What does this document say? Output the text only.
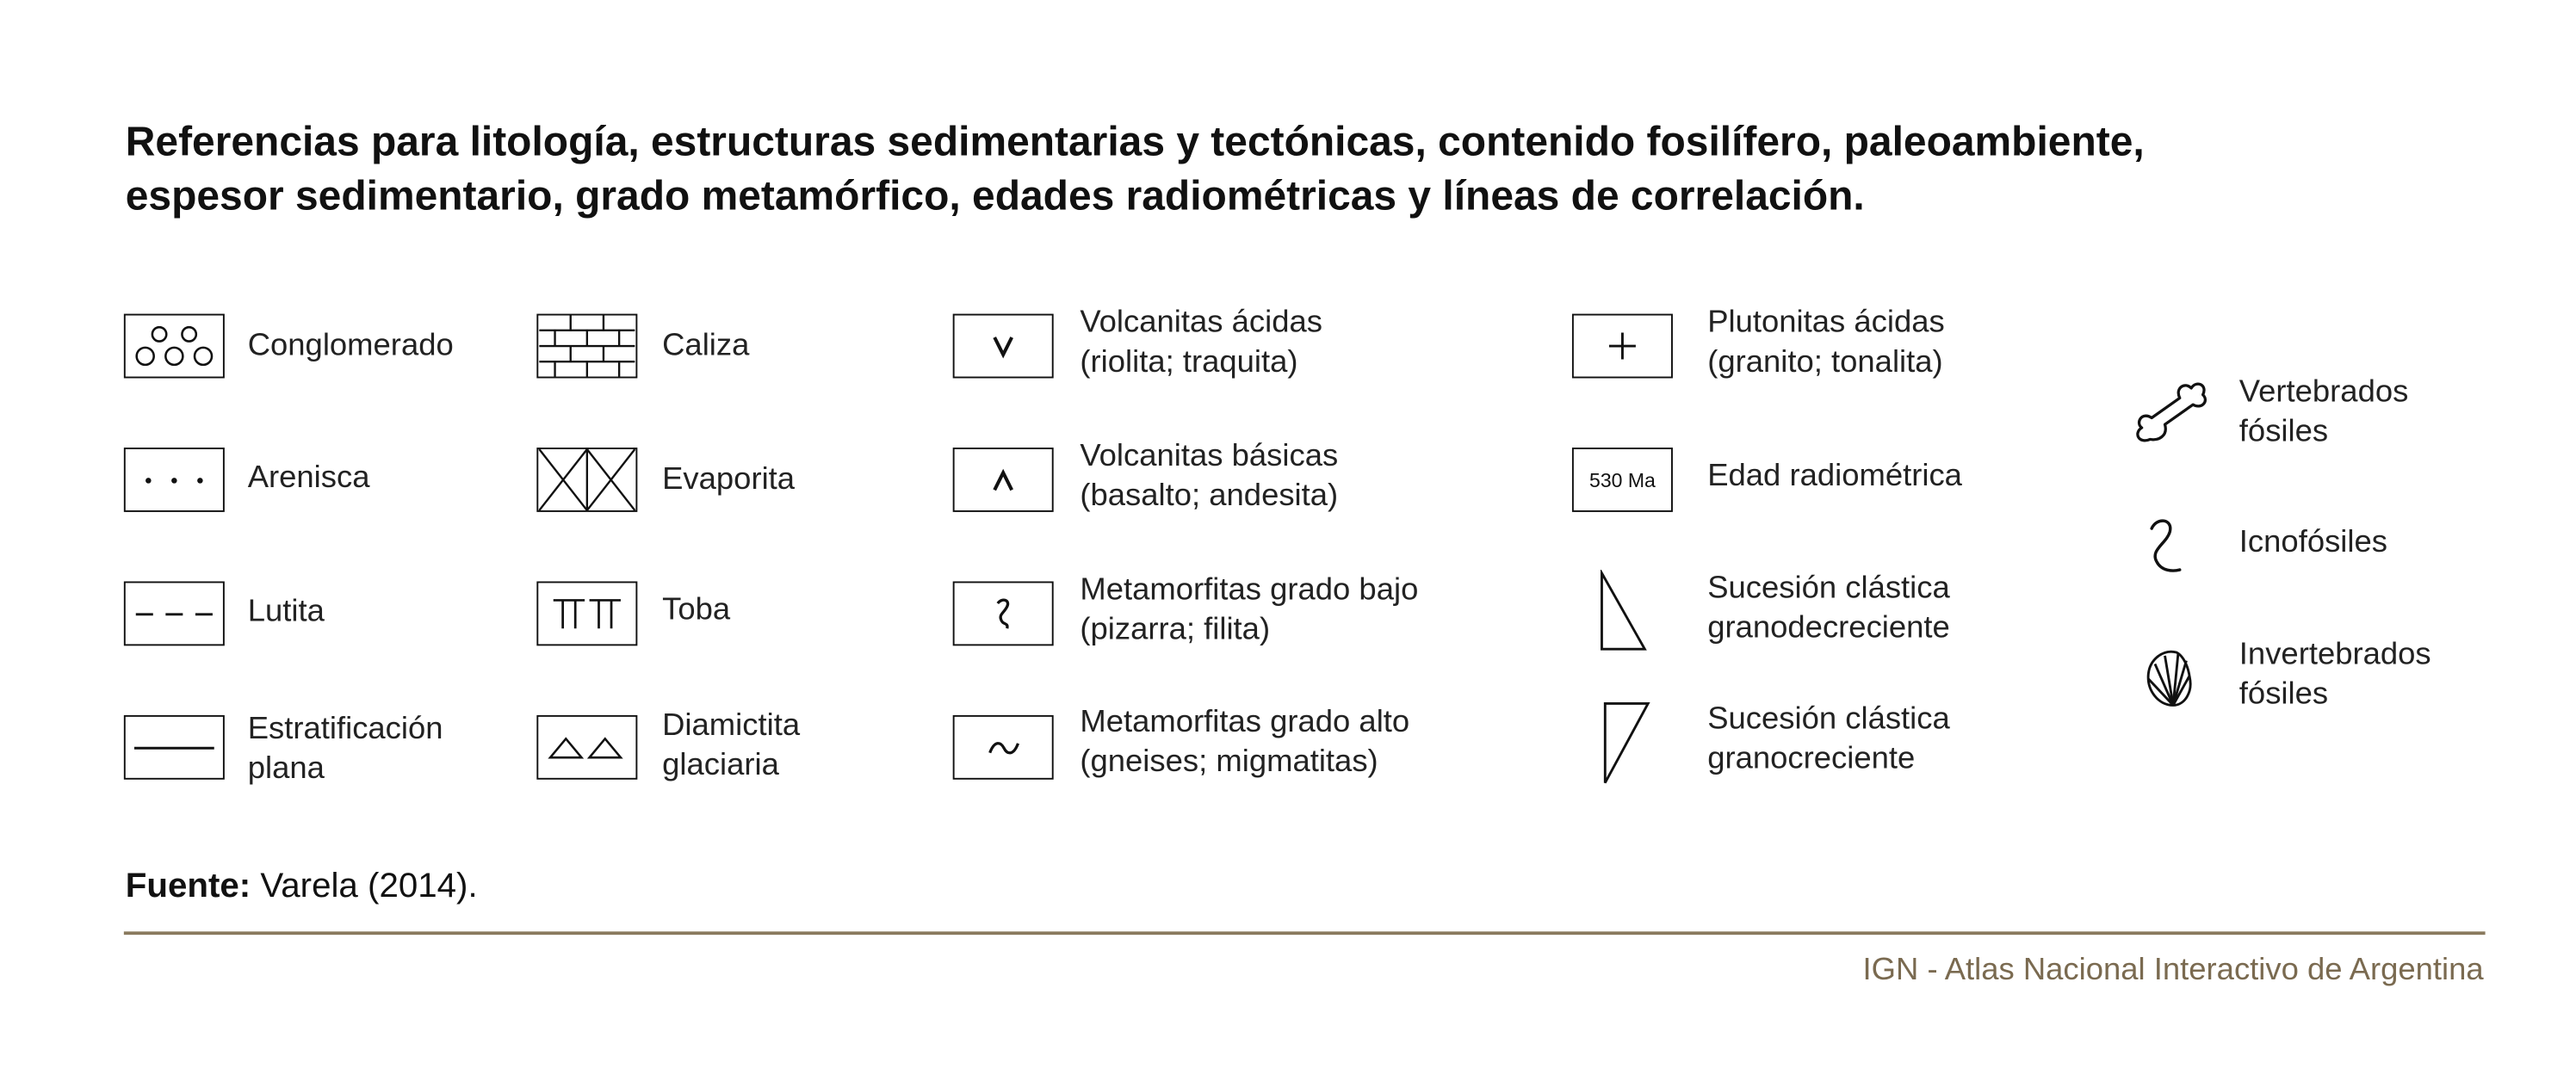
Referencias para litología, estructuras sedimentarias y tectónicas, contenido fosilífero, paleoambiente,
espesor sedimentario, grado metamórfico, edades radiométricas y líneas de correlación.
Conglomerado
Arenisca
Lutita
Estratificación
plana
Caliza
Evaporita
Toba
Diamictita
glaciaria
Volcanitas ácidas
(riolita; traquita)
Volcanitas básicas
(basalto; andesita)
Metamorfitas grado bajo
(pizarra; filita)
Metamorfitas grado alto
(gneises; migmatitas)
Plutonitas ácidas
(granito; tonalita)
530 Ma	Edad radiométrica
Sucesión clástica
granodecreciente
Sucesión clástica
granocreciente
Vertebrados
fósiles
Icnofósiles
Invertebrados
fósiles
Fuente: Varela (2014).
IGN - Atlas Nacional Interactivo de Argentina
